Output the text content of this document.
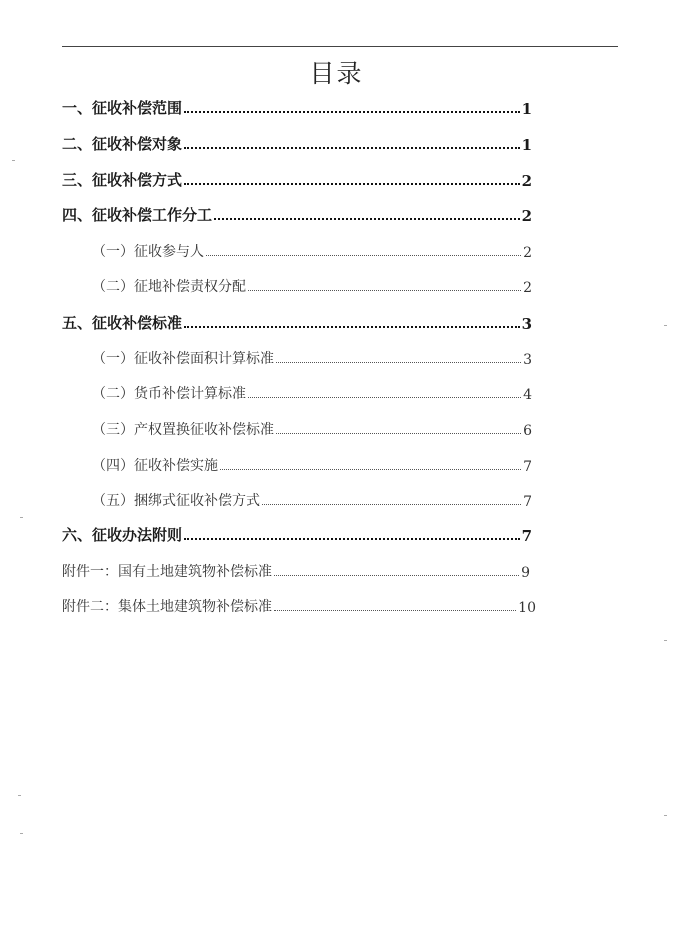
目录
一、征收补偿范围	1
二、征收补偿对象	1
三、征收补偿方式	2
四、征收补偿工作分工	2
（一）征收参与人	2
（二）征地补偿责权分配	2
五、征收补偿标准	3
（一）征收补偿面积计算标准	3
（二）货币补偿计算标准	4
（三）产权置换征收补偿标准	6
（四）征收补偿实施	7
（五）捆绑式征收补偿方式	7
六、征收办法附则	7
附件一：国有土地建筑物补偿标准	9
附件二：集体土地建筑物补偿标准	10
